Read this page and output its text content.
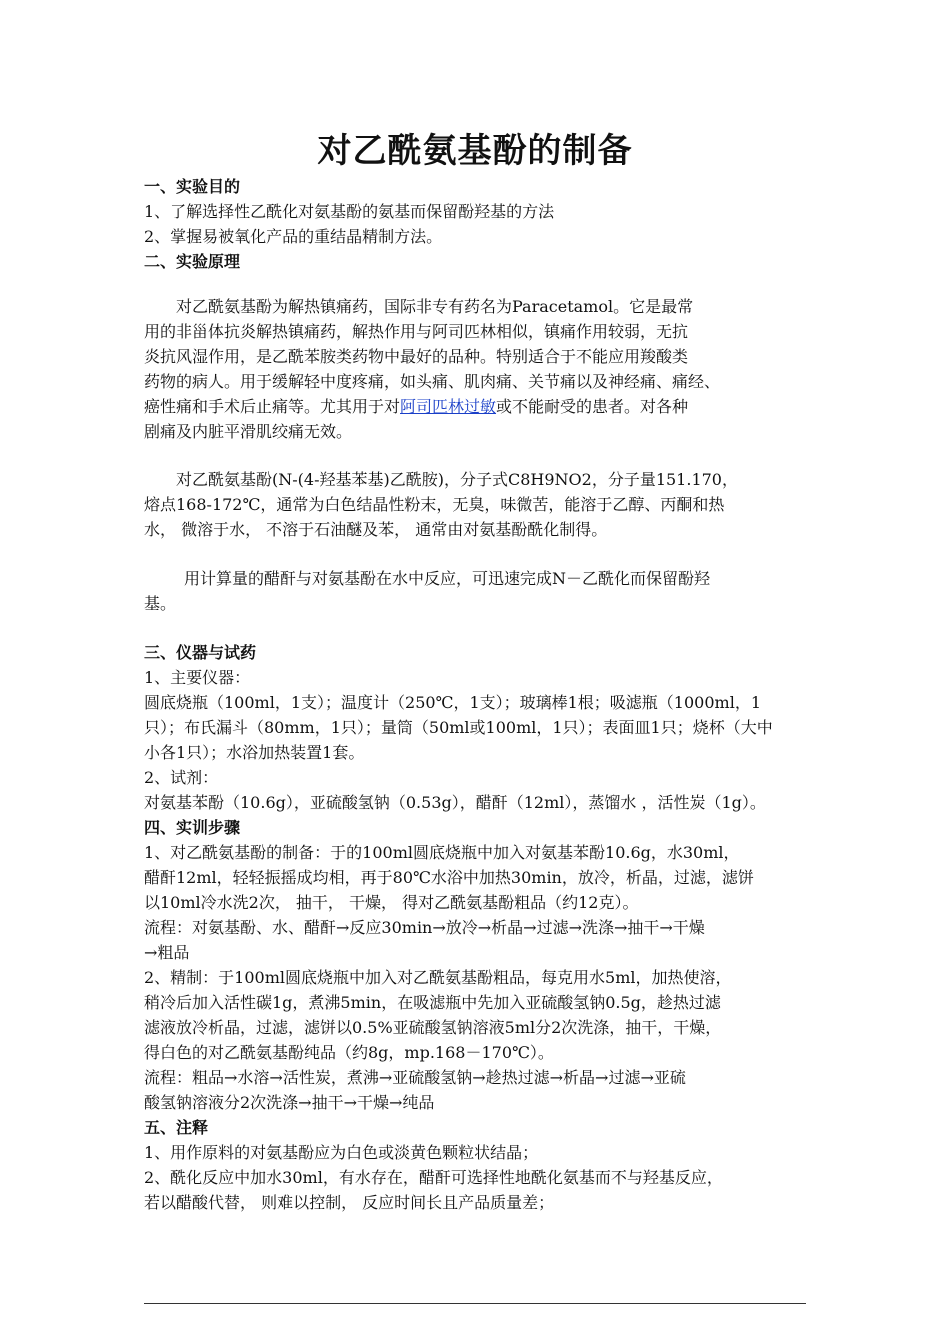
对乙酰氨基酚的制备
一、实验目的
1、了解选择性乙酰化对氨基酚的氨基而保留酚羟基的方法
2、掌握易被氧化产品的重结晶精制方法。
二、实验原理
对乙酰氨基酚为解热镇痛药，国际非专有药名为Paracetamol。它是最常
用的非甾体抗炎解热镇痛药，解热作用与阿司匹林相似，镇痛作用较弱，无抗
炎抗风湿作用，是乙酰苯胺类药物中最好的品种。特别适合于不能应用羧酸类
药物的病人。用于缓解轻中度疼痛，如头痛、肌肉痛、关节痛以及神经痛、痛经、
癌性痛和手术后止痛等。尤其用于对阿司匹林过敏或不能耐受的患者。对各种
剧痛及内脏平滑肌绞痛无效。
对乙酰氨基酚(N-(4-羟基苯基)乙酰胺)，分子式C8H9NO2，分子量151.170，
熔点168-172℃，通常为白色结晶性粉末，无臭，味微苦，能溶于乙醇、丙酮和热
水， 微溶于水， 不溶于石油醚及苯， 通常由对氨基酚酰化制得。
用计算量的醋酐与对氨基酚在水中反应，可迅速完成N－乙酰化而保留酚羟
基。
三、仪器与试药
1、主要仪器：
圆底烧瓶（100ml，1支）；温度计（250℃，1支）；玻璃棒1根；吸滤瓶（1000ml，1
只）；布氏漏斗（80mm，1只）；量筒（50ml或100ml，1只）；表面皿1只；烧杯（大中
小各1只）；水浴加热装置1套。
2、试剂：
对氨基苯酚（10.6g），亚硫酸氢钠（0.53g），醋酐（12ml），蒸馏水 ，活性炭（1g）。
四、实训步骤
1、对乙酰氨基酚的制备：于的100ml圆底烧瓶中加入对氨基苯酚10.6g，水30ml，
醋酐12ml，轻轻振摇成均相，再于80℃水浴中加热30min，放冷，析晶，过滤，滤饼
以10ml冷水洗2次， 抽干， 干燥， 得对乙酰氨基酚粗品（约12克）。
流程：对氨基酚、水、醋酐→反应30min→放冷→析晶→过滤→洗涤→抽干→干燥
→粗品
2、精制：于100ml圆底烧瓶中加入对乙酰氨基酚粗品，每克用水5ml，加热使溶，
稍冷后加入活性碳1g，煮沸5min，在吸滤瓶中先加入亚硫酸氢钠0.5g，趁热过滤
滤液放冷析晶，过滤，滤饼以0.5%亚硫酸氢钠溶液5ml分2次洗涤，抽干，干燥，
得白色的对乙酰氨基酚纯品（约8g，mp.168－170℃）。
流程：粗品→水溶→活性炭，煮沸→亚硫酸氢钠→趁热过滤→析晶→过滤→亚硫
酸氢钠溶液分2次洗涤→抽干→干燥→纯品
五、注释
1、用作原料的对氨基酚应为白色或淡黄色颗粒状结晶；
2、酰化反应中加水30ml，有水存在，醋酐可选择性地酰化氨基而不与羟基反应，
若以醋酸代替， 则难以控制， 反应时间长且产品质量差；
